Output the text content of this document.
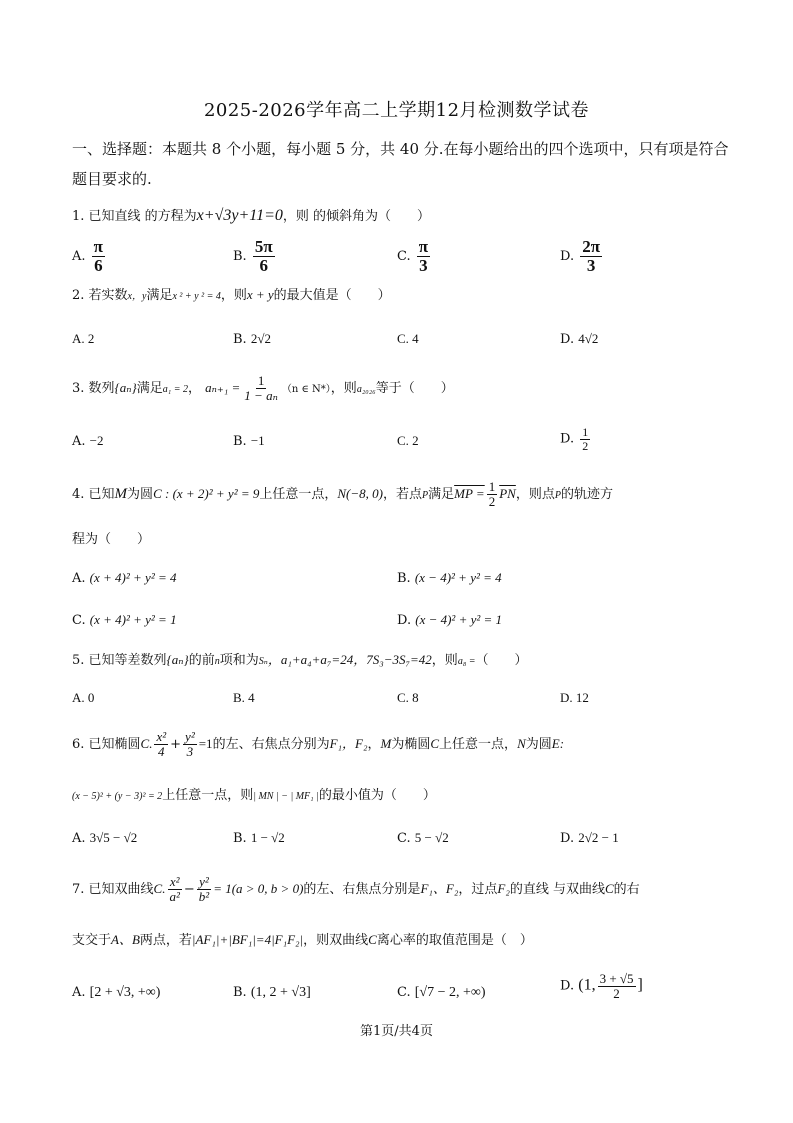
2025-2026学年高二上学期12月检测数学试卷
一、选择题：本题共 8 个小题，每小题 5 分，共 40 分.在每小题给出的四个选项中，只有项是符合题目要求的.
1. 已知直线 的方程为x+√3y+11=0，则 的倾斜角为（　　）
A. $\frac{\pi}{6}$	B. $\frac{5\pi}{6}$	C. $\frac{\pi}{3}$	D. $\frac{2\pi}{3}$
2. 若实数x，y满足x ² + y ² = 4，则x + y的最大值是（　　）
A. 2	B. 2√2	C. 4	D. 4√2
3. 数列{aₙ}满足a₁ = 2， $a_{n+1} = \frac{1}{\text{1 − aₙ}} (n$ ∈ N*），则a₂₀₂₆等于（　　）
A. −2	B. −1	C. 2	D. $\frac{1}{2}$
4. 已知M为圆C : (x + 2)² + y² = 9上任意一点，N(−8, 0)，若点P满足MP = $\frac{1}{2} \overline{PN}$，则点P的轨迹方
程为（　　）
A. (x + 4)² + y² = 4	B. (x − 4)² + y² = 4
C. (x + 4)² + y² = 1	D. (x − 4)² + y² = 1
5. 已知等差数列{aₙ}的前n项和为Sₙ，a₁+a₄+a₇=24，7S₃−3S₇=42，则a₈ =（　　）
A. 0	B. 4	C. 8	D. 12
6. 已知椭圆C. $\frac{\text{x²}}{4} + \frac{\text{y²}}{3} =1$的左、右焦点分别为F₁，F₂，M为椭圆C上任意一点，N为圆E:
(x − 5)² + (y − 3)² = 2上任意一点，则| MN | − | MF₁ |的最小值为（　　）
A. 3√5 − √2	B. 1 − √2	C. 5 − √2	D. 2√2 − 1
7. 已知双曲线C. $\frac{\text{x²}}{\text{a²}} - \frac{\text{y²}}{\text{b²}} = 1(a > 0$, b > 0)的左、右焦点分别是F₁、F₂，过点F₂的直线 与双曲线C的右
支交于A、B两点，若|AF₁|+|BF₁|=4|F₁F₂|，则双曲线C离心率的取值范围是（　）
A. [2 + √3, +∞)	B. (1, 2 + √3]	C. [√7 − 2, +∞)	D. (1, $\frac{3 + √5}{2}$ ]
第1页/共4页
